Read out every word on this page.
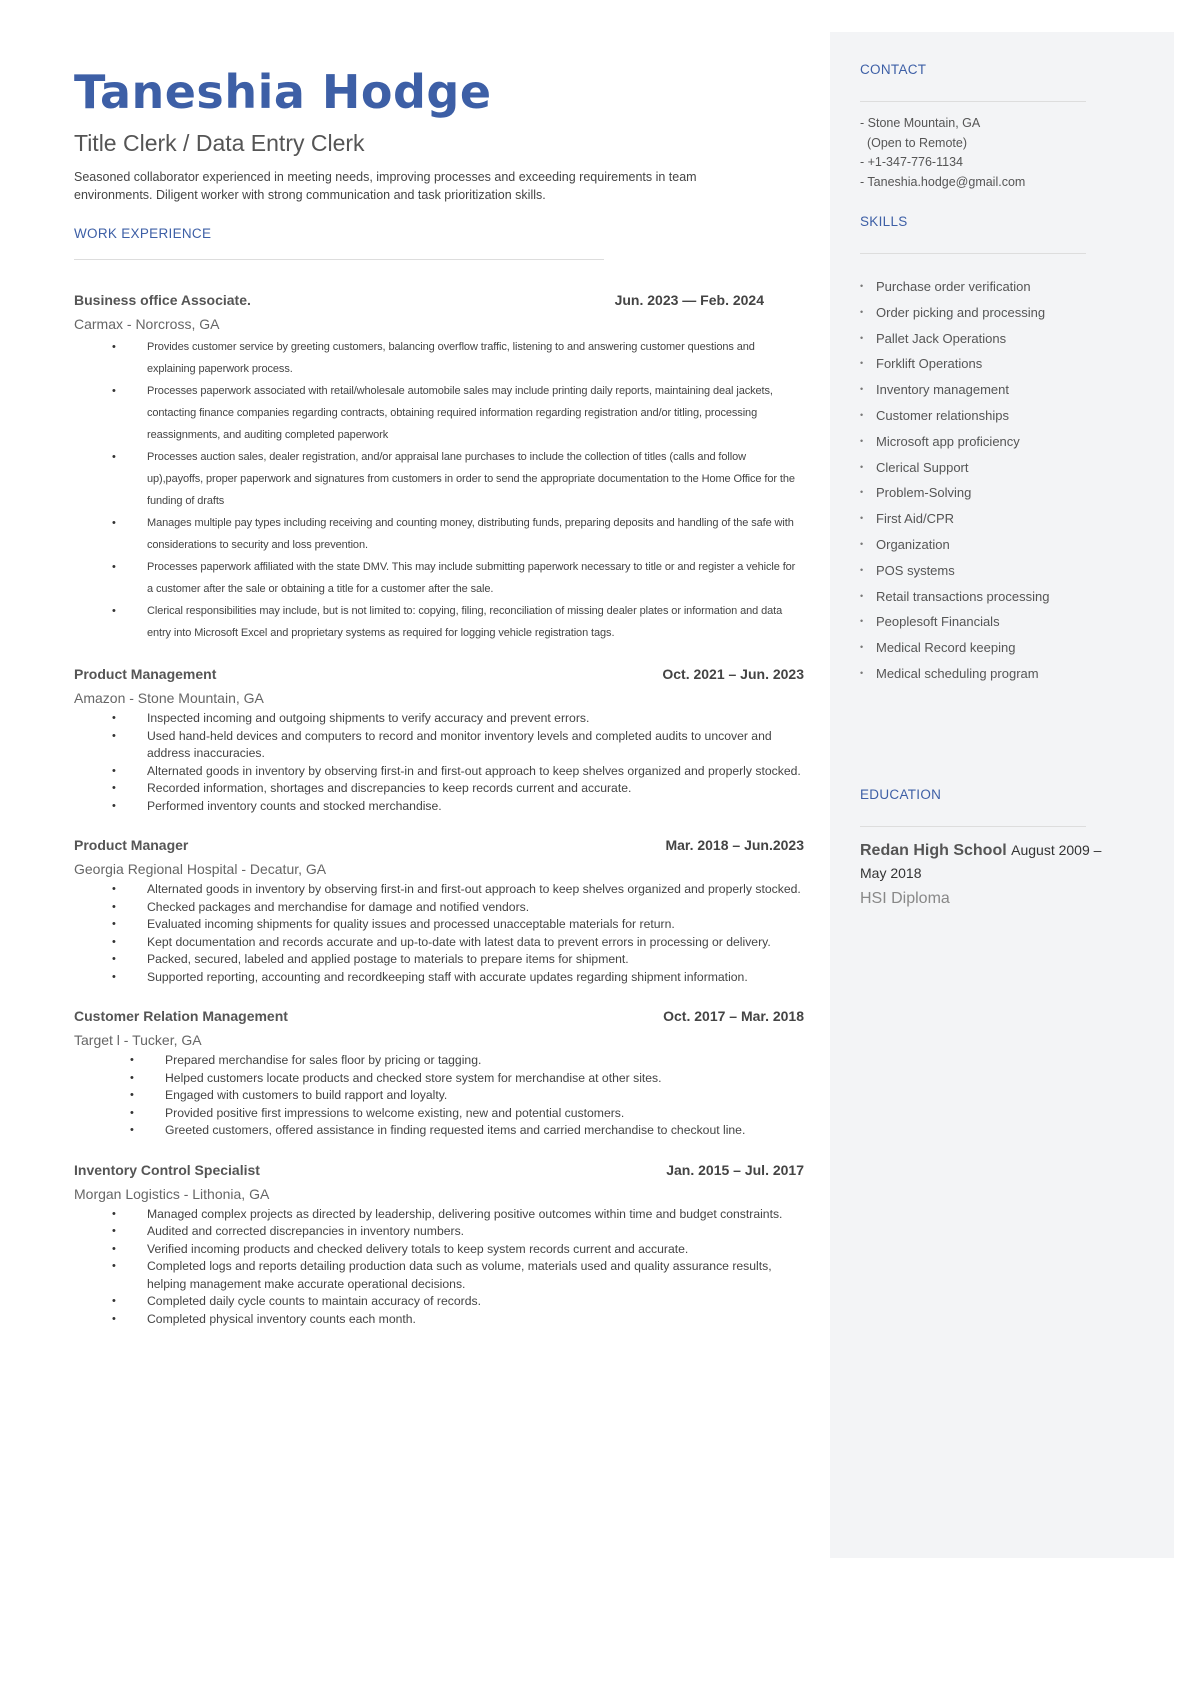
Taneshia Hodge
Title Clerk / Data Entry Clerk
Seasoned collaborator experienced in meeting needs, improving processes and exceeding requirements in team environments. Diligent worker with strong communication and task prioritization skills.
WORK EXPERIENCE
Business office Associate.	Jun. 2023 — Feb. 2024
Carmax - Norcross, GA
• Provides customer service by greeting customers, balancing overflow traffic, listening to and answering customer questions and explaining paperwork process.
• Processes paperwork associated with retail/wholesale automobile sales may include printing daily reports, maintaining deal jackets, contacting finance companies regarding contracts, obtaining required information regarding registration and/or titling, processing reassignments, and auditing completed paperwork
• Processes auction sales, dealer registration, and/or appraisal lane purchases to include the collection of titles (calls and follow up),payoffs, proper paperwork and signatures from customers in order to send the appropriate documentation to the Home Office for the funding of drafts
• Manages multiple pay types including receiving and counting money, distributing funds, preparing deposits and handling of the safe with considerations to security and loss prevention.
• Processes paperwork affiliated with the state DMV. This may include submitting paperwork necessary to title or and register a vehicle for a customer after the sale or obtaining a title for a customer after the sale.
• Clerical responsibilities may include, but is not limited to: copying, filing, reconciliation of missing dealer plates or information and data entry into Microsoft Excel and proprietary systems as required for logging vehicle registration tags.
Product Management	Oct. 2021 – Jun. 2023
Amazon - Stone Mountain, GA
• Inspected incoming and outgoing shipments to verify accuracy and prevent errors.
• Used hand-held devices and computers to record and monitor inventory levels and completed audits to uncover and address inaccuracies.
• Alternated goods in inventory by observing first-in and first-out approach to keep shelves organized and properly stocked.
• Recorded information, shortages and discrepancies to keep records current and accurate.
• Performed inventory counts and stocked merchandise.
Product Manager	Mar. 2018 – Jun.2023
Georgia Regional Hospital - Decatur, GA
• Alternated goods in inventory by observing first-in and first-out approach to keep shelves organized and properly stocked.
• Checked packages and merchandise for damage and notified vendors.
• Evaluated incoming shipments for quality issues and processed unacceptable materials for return.
• Kept documentation and records accurate and up-to-date with latest data to prevent errors in processing or delivery.
• Packed, secured, labeled and applied postage to materials to prepare items for shipment.
• Supported reporting, accounting and recordkeeping staff with accurate updates regarding shipment information.
Customer Relation Management	Oct. 2017 – Mar. 2018
Target l - Tucker, GA
• Prepared merchandise for sales floor by pricing or tagging.
• Helped customers locate products and checked store system for merchandise at other sites.
• Engaged with customers to build rapport and loyalty.
• Provided positive first impressions to welcome existing, new and potential customers.
• Greeted customers, offered assistance in finding requested items and carried merchandise to checkout line.
Inventory Control Specialist	Jan. 2015 – Jul. 2017
Morgan Logistics - Lithonia, GA
• Managed complex projects as directed by leadership, delivering positive outcomes within time and budget constraints.
• Audited and corrected discrepancies in inventory numbers.
• Verified incoming products and checked delivery totals to keep system records current and accurate.
• Completed logs and reports detailing production data such as volume, materials used and quality assurance results, helping management make accurate operational decisions.
• Completed daily cycle counts to maintain accuracy of records.
• Completed physical inventory counts each month.
CONTACT
- Stone Mountain, GA
(Open to Remote)
- +1-347-776-1134
- Taneshia.hodge@gmail.com
SKILLS
• Purchase order verification
• Order picking and processing
• Pallet Jack Operations
• Forklift Operations
• Inventory management
• Customer relationships
• Microsoft app proficiency
• Clerical Support
• Problem-Solving
• First Aid/CPR
• Organization
• POS systems
• Retail transactions processing
• Peoplesoft Financials
• Medical Record keeping
• Medical scheduling program
EDUCATION
Redan High School August 2009 – May 2018
HSI Diploma
